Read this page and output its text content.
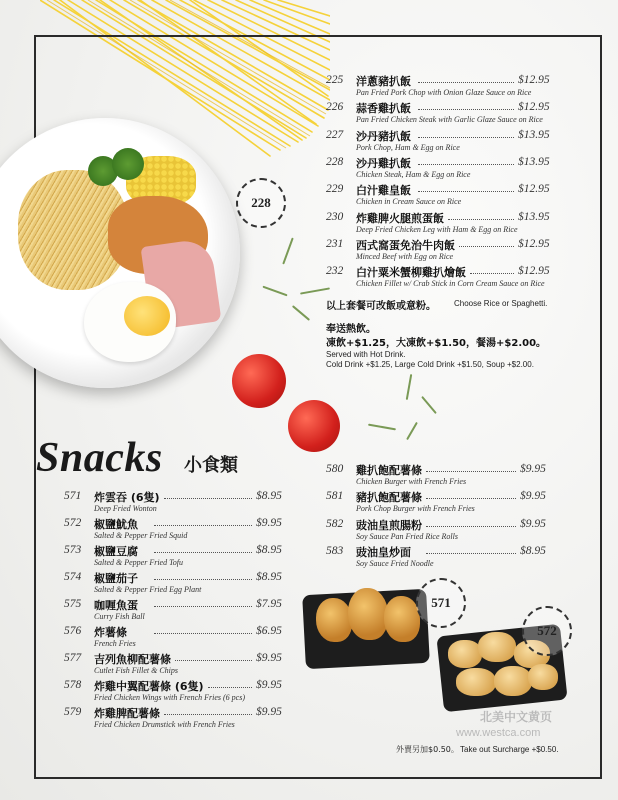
228
225 洋蔥豬扒飯	$12.95
Pan Fried Pork Chop with Onion Glaze Sauce on Rice
226 蒜香雞扒飯	$12.95
Pan Fried Chicken Steak with Garlic Glaze Sauce on Rice
227 沙丹豬扒飯	$13.95
Pork Chop, Ham & Egg on Rice
228 沙丹雞扒飯	$13.95
Chicken Steak, Ham & Egg on Rice
229 白汁雞皇飯	$12.95
Chicken in Cream Sauce on Rice
230 炸雞脾火腿煎蛋飯	$13.95
Deep Fried Chicken Leg with Ham & Egg on Rice
231 西式窩蛋免治牛肉飯	$12.95
Minced Beef with Egg on Rice
232 白汁粟米蟹柳雞扒燴飯	$12.95
Chicken Fillet w/ Crab Stick in Corn Cream Sauce on Rice
以上套餐可改飯或意粉。 Choose Rice or Spaghetti.
奉送熱飲。
凍飲+$1.25，大凍飲+$1.50，餐湯+$2.00。
Served with Hot Drink.
Cold Drink +$1.25, Large Cold Drink +$1.50, Soup +$2.00.
Snacks 小食類
571 炸雲吞 (6隻)	$8.95
Deep Fried Wonton
572 椒鹽魷魚	$9.95
Salted & Pepper Fried Squid
573 椒鹽豆腐	$8.95
Salted & Pepper Fried Tofu
574 椒鹽茄子	$8.95
Salted & Pepper Fried Egg Plant
575 咖喱魚蛋	$7.95
Curry Fish Ball
576 炸薯條	$6.95
French Fries
577 吉列魚柳配薯條	$9.95
Cutlet Fish Fillet & Chips
578 炸雞中翼配薯條 (6隻)	$9.95
Fried Chicken Wings with French Fries (6 pcs)
579 炸雞脾配薯條	$9.95
Fried Chicken Drumstick with French Fries
580 雞扒飽配薯條	$9.95
Chicken Burger with French Fries
581 豬扒飽配薯條	$9.95
Pork Chop Burger with French Fries
582 豉油皇煎腸粉	$9.95
Soy Sauce Pan Fried Rice Rolls
583 豉油皇炒面	$8.95
Soy Sauce Fried Noodle
571
572
北美中文黄页
www.westca.com
外賣另加$0.50。 Take out Surcharge +$0.50.
